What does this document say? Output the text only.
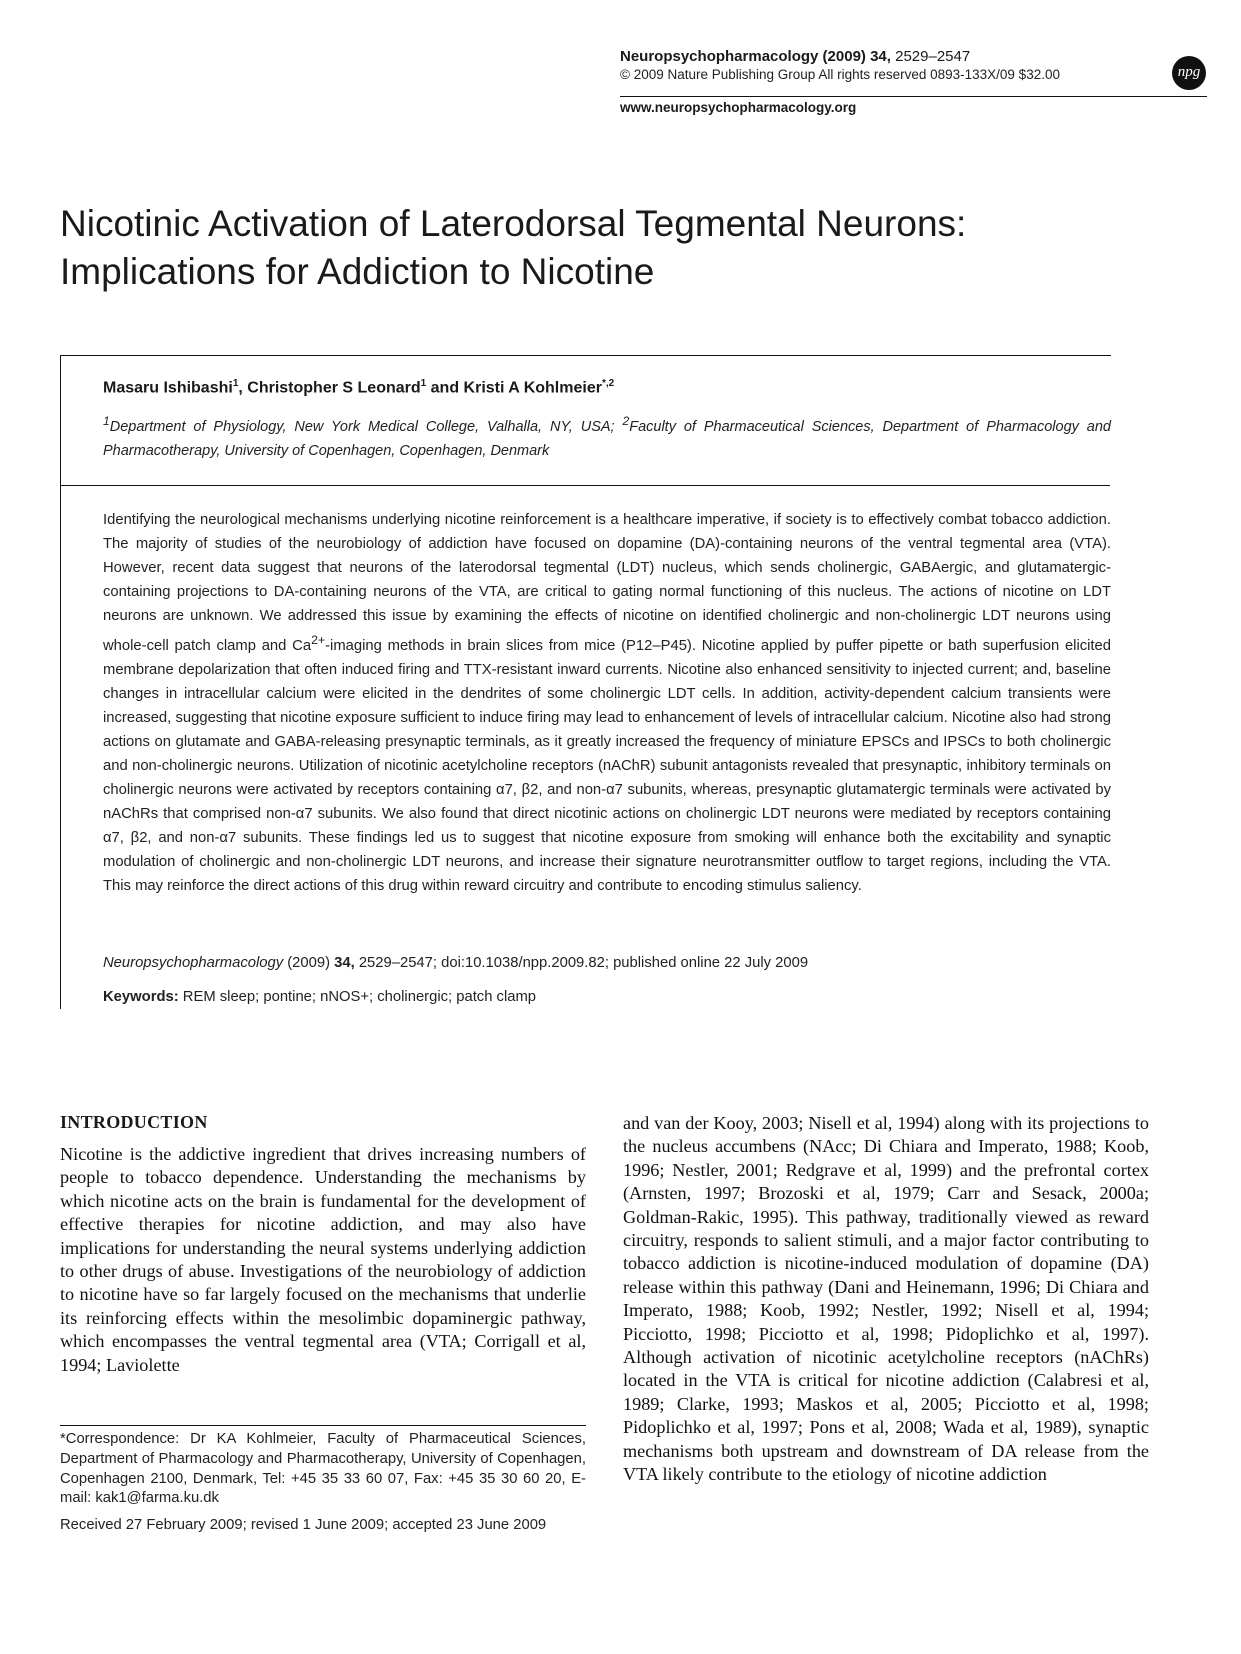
Neuropsychopharmacology (2009) 34, 2529–2547
© 2009 Nature Publishing Group All rights reserved 0893-133X/09 $32.00	npg
www.neuropsychopharmacology.org
Nicotinic Activation of Laterodorsal Tegmental Neurons:
Implications for Addiction to Nicotine
Masaru Ishibashi$^1$, Christopher S Leonard$^1$ and Kristi A Kohlmeier$^{*,2}$
$^1$Department of Physiology, New York Medical College, Valhalla, NY, USA; $^2$Faculty of Pharmaceutical Sciences, Department of Pharmacology and Pharmacotherapy, University of Copenhagen, Copenhagen, Denmark
Identifying the neurological mechanisms underlying nicotine reinforcement is a healthcare imperative, if society is to effectively combat tobacco addiction. The majority of studies of the neurobiology of addiction have focused on dopamine (DA)-containing neurons of the ventral tegmental area (VTA). However, recent data suggest that neurons of the laterodorsal tegmental (LDT) nucleus, which sends cholinergic, GABAergic, and glutamatergic-containing projections to DA-containing neurons of the VTA, are critical to gating normal functioning of this nucleus. The actions of nicotine on LDT neurons are unknown. We addressed this issue by examining the effects of nicotine on identified cholinergic and non-cholinergic LDT neurons using whole-cell patch clamp and $Ca^{2+}$-imaging methods in brain slices from mice (P12–P45). Nicotine applied by puffer pipette or bath superfusion elicited membrane depolarization that often induced firing and TTX-resistant inward currents. Nicotine also enhanced sensitivity to injected current; and, baseline changes in intracellular calcium were elicited in the dendrites of some cholinergic LDT cells. In addition, activity-dependent calcium transients were increased, suggesting that nicotine exposure sufficient to induce firing may lead to enhancement of levels of intracellular calcium. Nicotine also had strong actions on glutamate and GABA-releasing presynaptic terminals, as it greatly increased the frequency of miniature EPSCs and IPSCs to both cholinergic and non-cholinergic neurons. Utilization of nicotinic acetylcholine receptors (nAChR) subunit antagonists revealed that presynaptic, inhibitory terminals on cholinergic neurons were activated by receptors containing α7, β2, and non-α7 subunits, whereas, presynaptic glutamatergic terminals were activated by nAChRs that comprised non-α7 subunits. We also found that direct nicotinic actions on cholinergic LDT neurons were mediated by receptors containing α7, β2, and non-α7 subunits. These findings led us to suggest that nicotine exposure from smoking will enhance both the excitability and synaptic modulation of cholinergic and non-cholinergic LDT neurons, and increase their signature neurotransmitter outflow to target regions, including the VTA. This may reinforce the direct actions of this drug within reward circuitry and contribute to encoding stimulus saliency.
Neuropsychopharmacology (2009) 34, 2529–2547; doi:10.1038/npp.2009.82; published online 22 July 2009
Keywords: REM sleep; pontine; nNOS+; cholinergic; patch clamp
INTRODUCTION

Nicotine is the addictive ingredient that drives increasing numbers of people to tobacco dependence. Understanding the mechanisms by which nicotine acts on the brain is fundamental for the development of effective therapies for nicotine addiction, and may also have implications for understanding the neural systems underlying addiction to other drugs of abuse. Investigations of the neurobiology of addiction to nicotine have so far largely focused on the mechanisms that underlie its reinforcing effects within the mesolimbic dopaminergic pathway, which encompasses the ventral tegmental area (VTA; Corrigall et al, 1994; Laviolette

and van der Kooy, 2003; Nisell et al, 1994) along with its projections to the nucleus accumbens (NAcc; Di Chiara and Imperato, 1988; Koob, 1996; Nestler, 2001; Redgrave et al, 1999) and the prefrontal cortex (Arnsten, 1997; Brozoski et al, 1979; Carr and Sesack, 2000a; Goldman-Rakic, 1995). This pathway, traditionally viewed as reward circuitry, responds to salient stimuli, and a major factor contributing to tobacco addiction is nicotine-induced modulation of dopamine (DA) release within this pathway (Dani and Heinemann, 1996; Di Chiara and Imperato, 1988; Koob, 1992; Nestler, 1992; Nisell et al, 1994; Picciotto, 1998; Picciotto et al, 1998; Pidoplichko et al, 1997). Although activation of nicotinic acetylcholine receptors (nAChRs) located in the VTA is critical for nicotine addiction (Calabresi et al, 1989; Clarke, 1993; Maskos et al, 2005; Picciotto et al, 1998; Pidoplichko et al, 1997; Pons et al, 2008; Wada et al, 1989), synaptic mechanisms both upstream and downstream of DA release from the VTA likely contribute to the etiology of nicotine addiction

*Correspondence: Dr KA Kohlmeier, Faculty of Pharmaceutical Sciences, Department of Pharmacology and Pharmacotherapy, University of Copenhagen, Copenhagen 2100, Denmark, Tel: +45 35 33 60 07, Fax: +45 35 30 60 20, E-mail: kak1@farma.ku.dk
Received 27 February 2009; revised 1 June 2009; accepted 23 June 2009
